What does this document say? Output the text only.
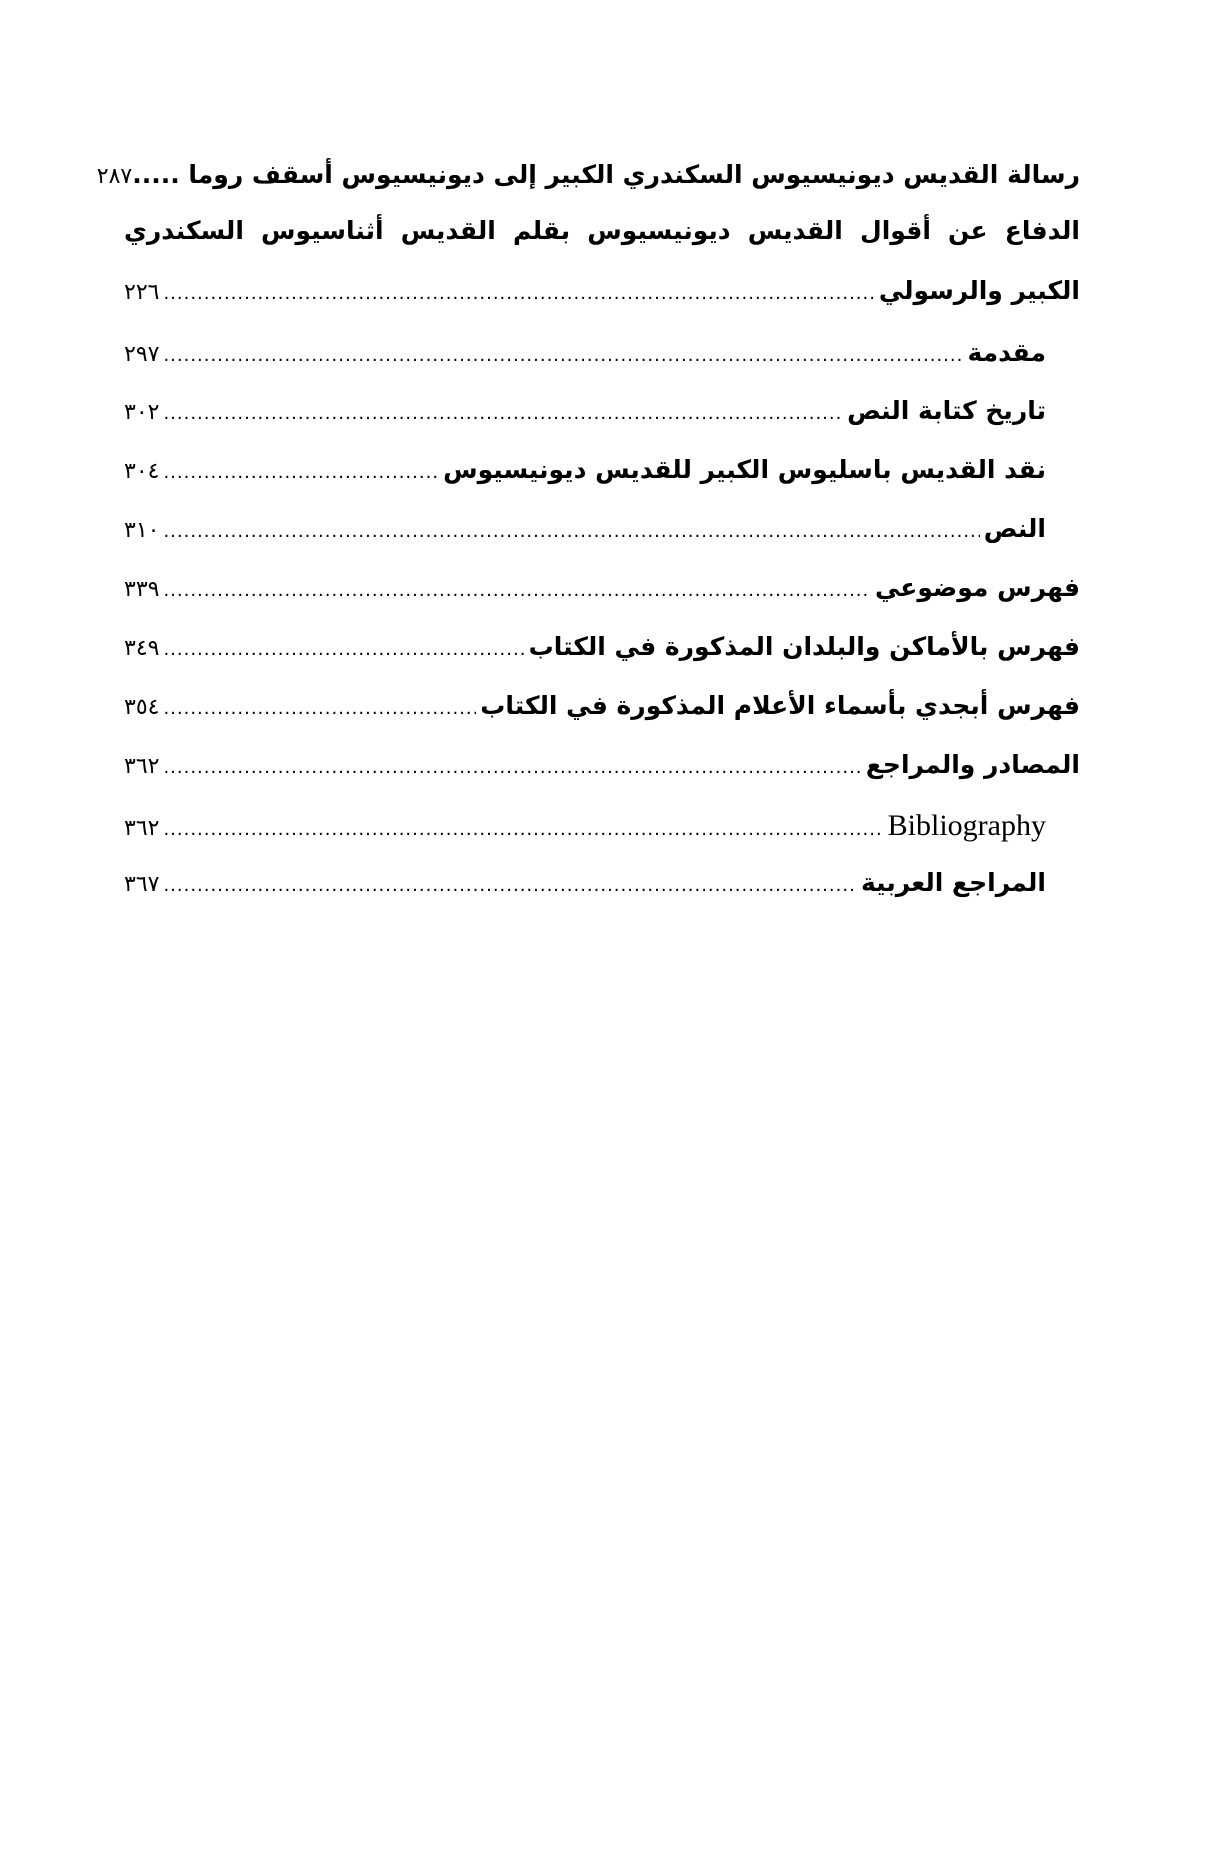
رسالة القديس ديونيسيوس السكندري الكبير إلى ديونيسيوس أسقف روما .....
٢٨٧
الدفاع عن أقوال القديس ديونيسيوس بقلم القديس أثناسيوس السكندري
الكبير والرسولي
.....
٢٢٦
مقدمة
.....
٢٩٧
تاريخ كتابة النص
.....
٣٠٢
نقد القديس باسليوس الكبير للقديس ديونيسيوس
.....
٣٠٤
النص
.....
٣١٠
فهرس موضوعي
.....
٣٣٩
فهرس بالأماكن والبلدان المذكورة في الكتاب
.....
٣٤٩
فهرس أبجدي بأسماء الأعلام المذكورة في الكتاب
.....
٣٥٤
المصادر والمراجع
.....
٣٦٢
Bibliography
.....
٣٦٢
المراجع العربية
.....
٣٦٧
